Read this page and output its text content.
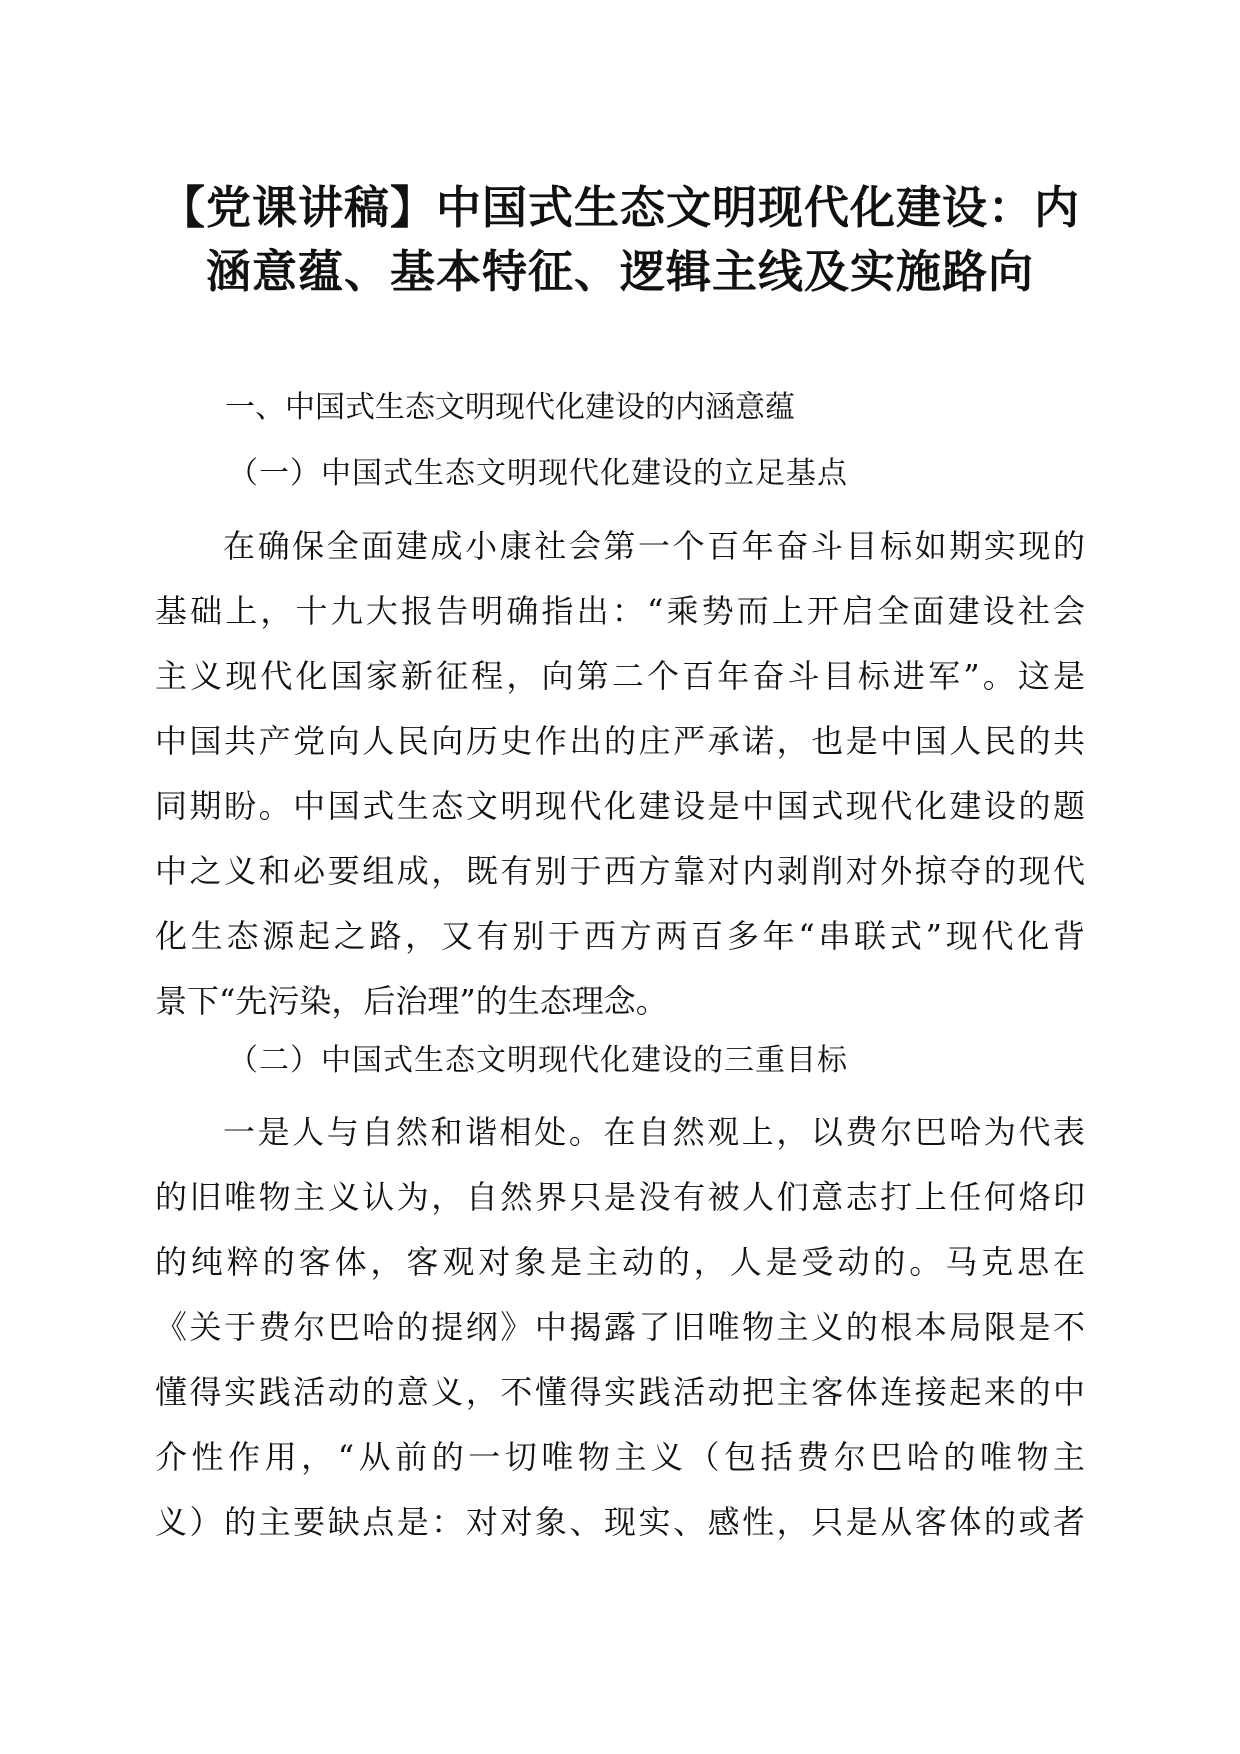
【党课讲稿】中国式生态文明现代化建设：内
涵意蕴、基本特征、逻辑主线及实施路向
一、中国式生态文明现代化建设的内涵意蕴
（一）中国式生态文明现代化建设的立足基点
在确保全面建成小康社会第一个百年奋斗目标如期实现的
基础上，十九大报告明确指出：“乘势而上开启全面建设社会
主义现代化国家新征程，向第二个百年奋斗目标进军”。这是
中国共产党向人民向历史作出的庄严承诺，也是中国人民的共
同期盼。中国式生态文明现代化建设是中国式现代化建设的题
中之义和必要组成，既有别于西方靠对内剥削对外掠夺的现代
化生态源起之路，又有别于西方两百多年“串联式”现代化背
景下“先污染，后治理”的生态理念。
（二）中国式生态文明现代化建设的三重目标
一是人与自然和谐相处。在自然观上，以费尔巴哈为代表
的旧唯物主义认为，自然界只是没有被人们意志打上任何烙印
的纯粹的客体，客观对象是主动的，人是受动的。马克思在
《关于费尔巴哈的提纲》中揭露了旧唯物主义的根本局限是不
懂得实践活动的意义，不懂得实践活动把主客体连接起来的中
介性作用，“从前的一切唯物主义（包括费尔巴哈的唯物主
义）的主要缺点是：对对象、现实、感性，只是从客体的或者
